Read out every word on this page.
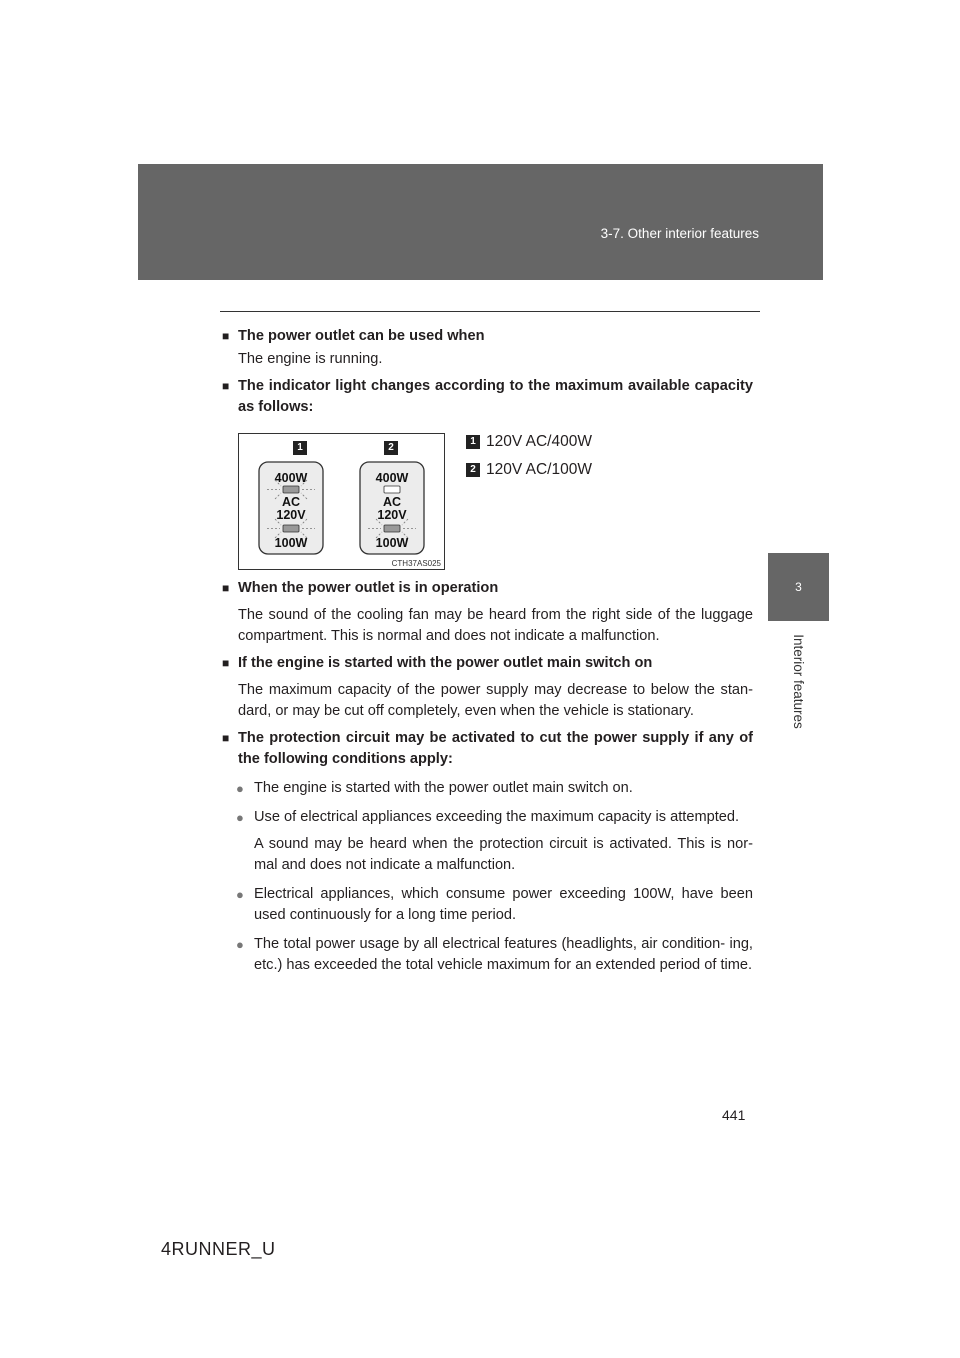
3-7. Other interior features
3
Interior features
■ The power outlet can be used when
The engine is running.
■ The indicator light changes according to the maximum available capacity as follows:
■ When the power outlet is in operation
The sound of the cooling fan may be heard from the right side of the luggage compartment. This is normal and does not indicate a malfunction.
■ If the engine is started with the power outlet main switch on
The maximum capacity of the power supply may decrease to below the stan- dard, or may be cut off completely, even when the vehicle is stationary.
■ The protection circuit may be activated to cut the power supply if any of the following conditions apply:
● The engine is started with the power outlet main switch on.
● Use of electrical appliances exceeding the maximum capacity is attempted.
A sound may be heard when the protection circuit is activated. This is nor- mal and does not indicate a malfunction.
● Electrical appliances, which consume power exceeding 100W, have been used continuously for a long time period.
● The total power usage by all electrical features (headlights, air condition- ing, etc.) has exceeded the total vehicle maximum for an extended period of time.
1	2
400W
AC
120V
100W
400W
AC
120V
100W
CTH37AS025
1 120V AC/400W
2 120V AC/100W
441
4RUNNER_U
